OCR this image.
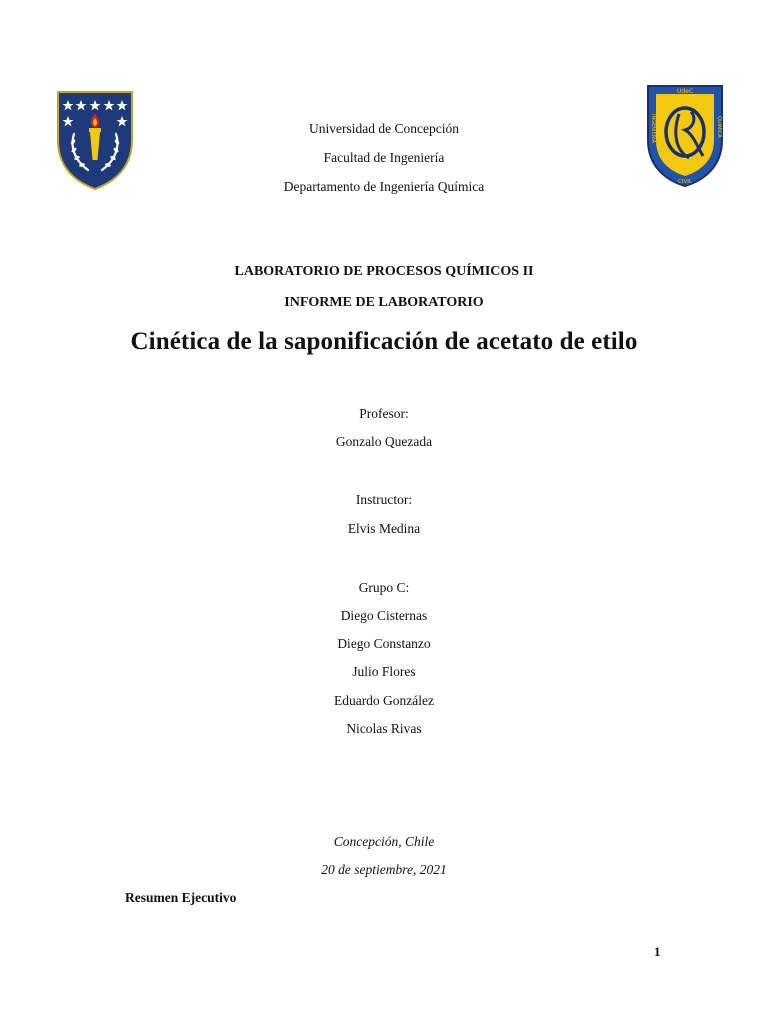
UdeC
INGENIERIA	QUIMICA
CIVIL
Universidad de Concepción
Facultad de Ingeniería
Departamento de Ingeniería Química
LABORATORIO DE PROCESOS QUÍMICOS II
INFORME DE LABORATORIO
Cinética de la saponificación de acetato de etilo
Profesor:
Gonzalo Quezada
Instructor:
Elvis Medina
Grupo C:
Diego Cisternas
Diego Constanzo
Julio Flores
Eduardo González
Nicolas Rivas
Concepción, Chile
20 de septiembre, 2021
Resumen Ejecutivo
1
